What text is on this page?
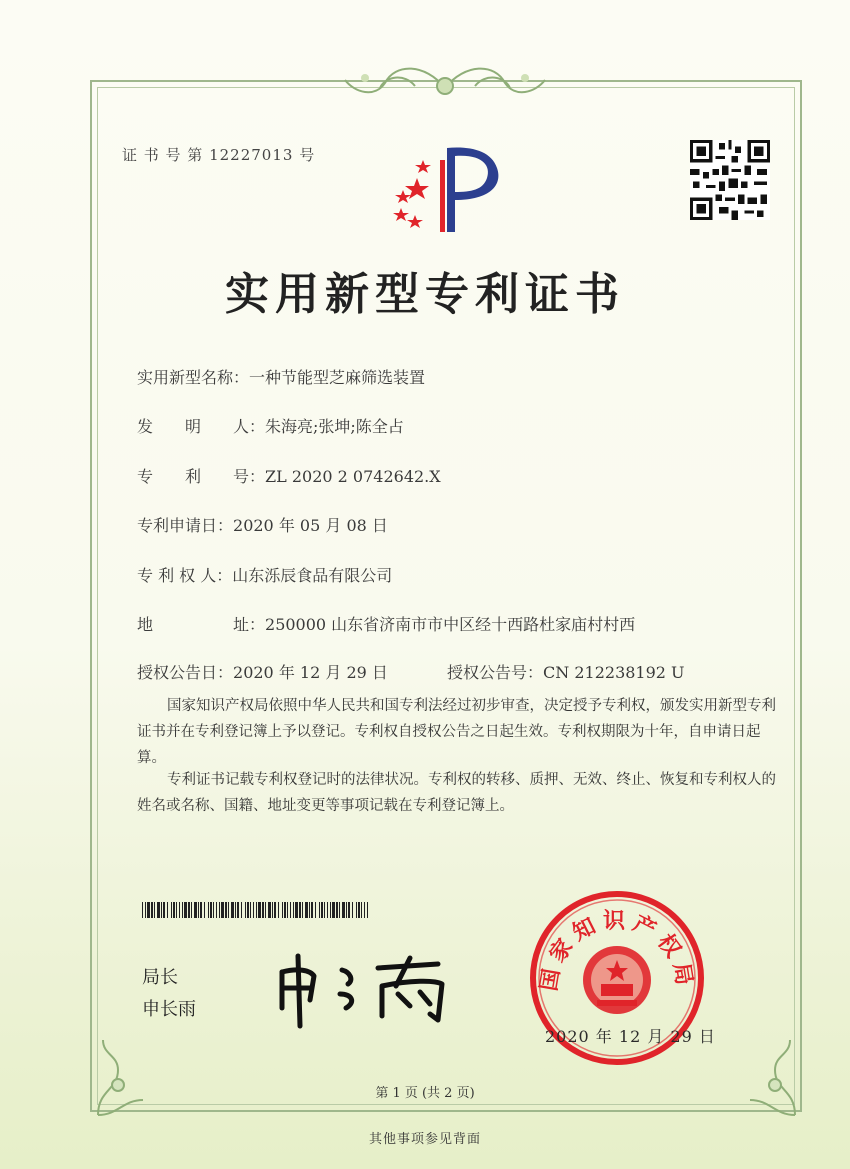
证 书 号 第 12227013 号
实用新型专利证书
实用新型名称：一种节能型芝麻筛选装置
发　　明　　人：朱海亮;张坤;陈全占
专　　利　　号：ZL 2020 2 0742642.X
专利申请日：2020 年 05 月 08 日
专 利 权 人：山东泺辰食品有限公司
地　　　　　址：250000 山东省济南市市中区经十西路杜家庙村村西
授权公告日：2020 年 12 月 29 日	授权公告号：CN 212238192 U
国家知识产权局依照中华人民共和国专利法经过初步审查，决定授予专利权，颁发实用新型专利证书并在专利登记簿上予以登记。专利权自授权公告之日起生效。专利权期限为十年，自申请日起算。
专利证书记载专利权登记时的法律状况。专利权的转移、质押、无效、终止、恢复和专利权人的姓名或名称、国籍、地址变更等事项记载在专利登记簿上。
局长
申长雨
国家知识产权局
2020 年 12 月 29 日
第 1 页 (共 2 页)
其他事项参见背面
